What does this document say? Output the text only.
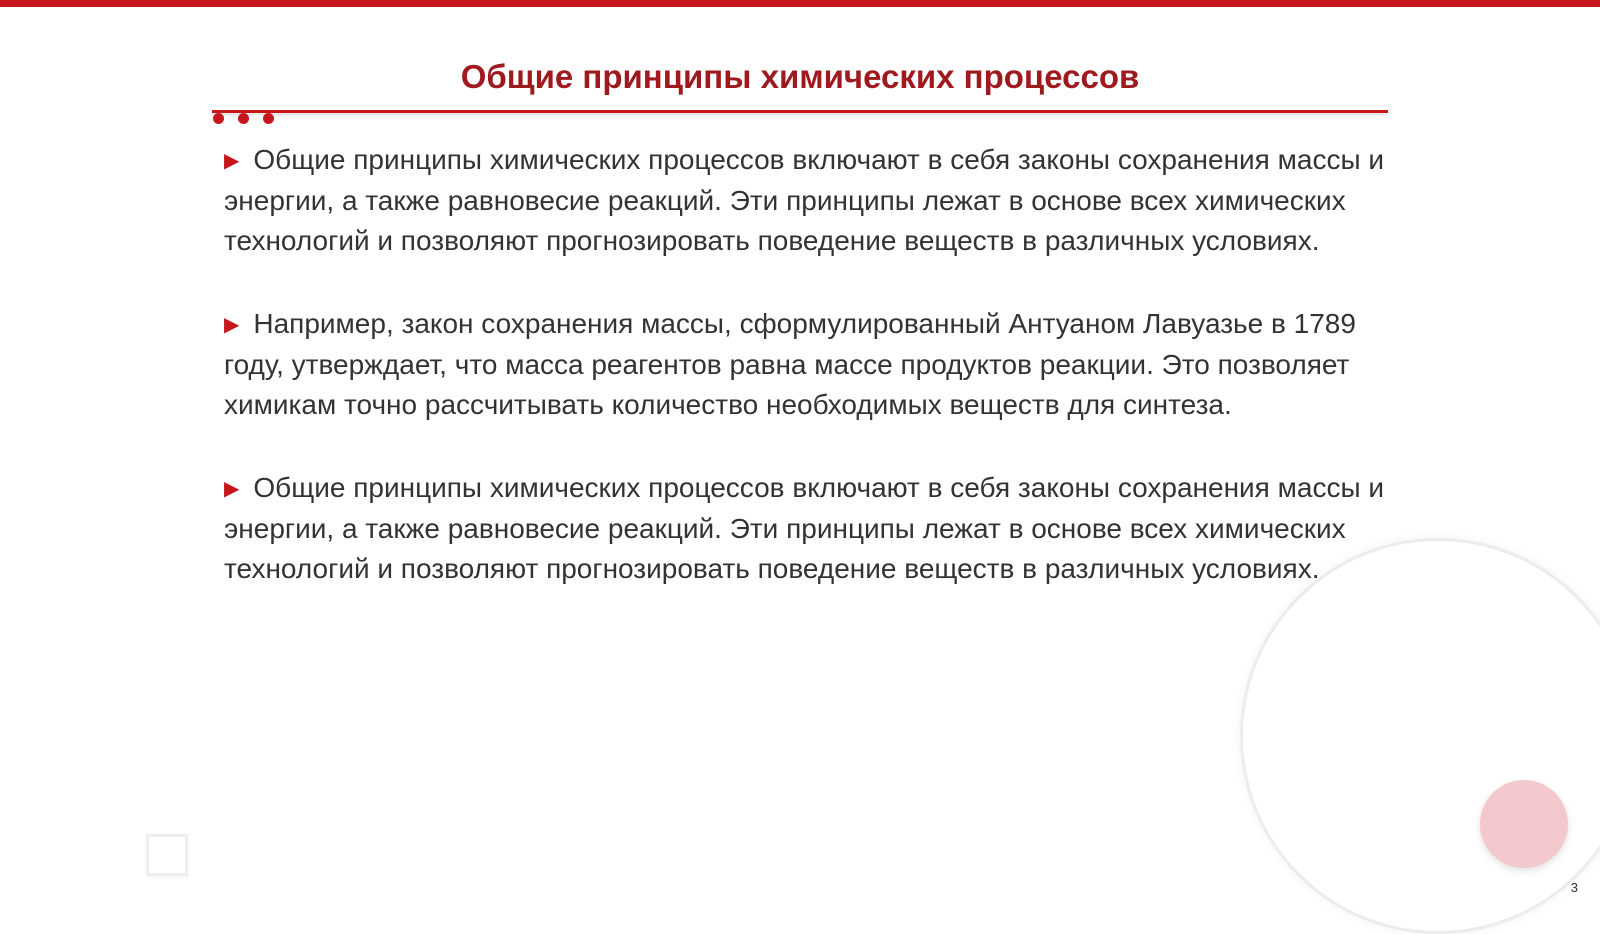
Общие принципы химических процессов
▶ Общие принципы химических процессов включают в себя законы сохранения массы и энергии, а также равновесие реакций. Эти принципы лежат в основе всех химических технологий и позволяют прогнозировать поведение веществ в различных условиях.
▶ Например, закон сохранения массы, сформулированный Антуаном Лавуазье в 1789 году, утверждает, что масса реагентов равна массе продуктов реакции. Это позволяет химикам точно рассчитывать количество необходимых веществ для синтеза.
▶ Общие принципы химических процессов включают в себя законы сохранения массы и энергии, а также равновесие реакций. Эти принципы лежат в основе всех химических технологий и позволяют прогнозировать поведение веществ в различных условиях.
3
